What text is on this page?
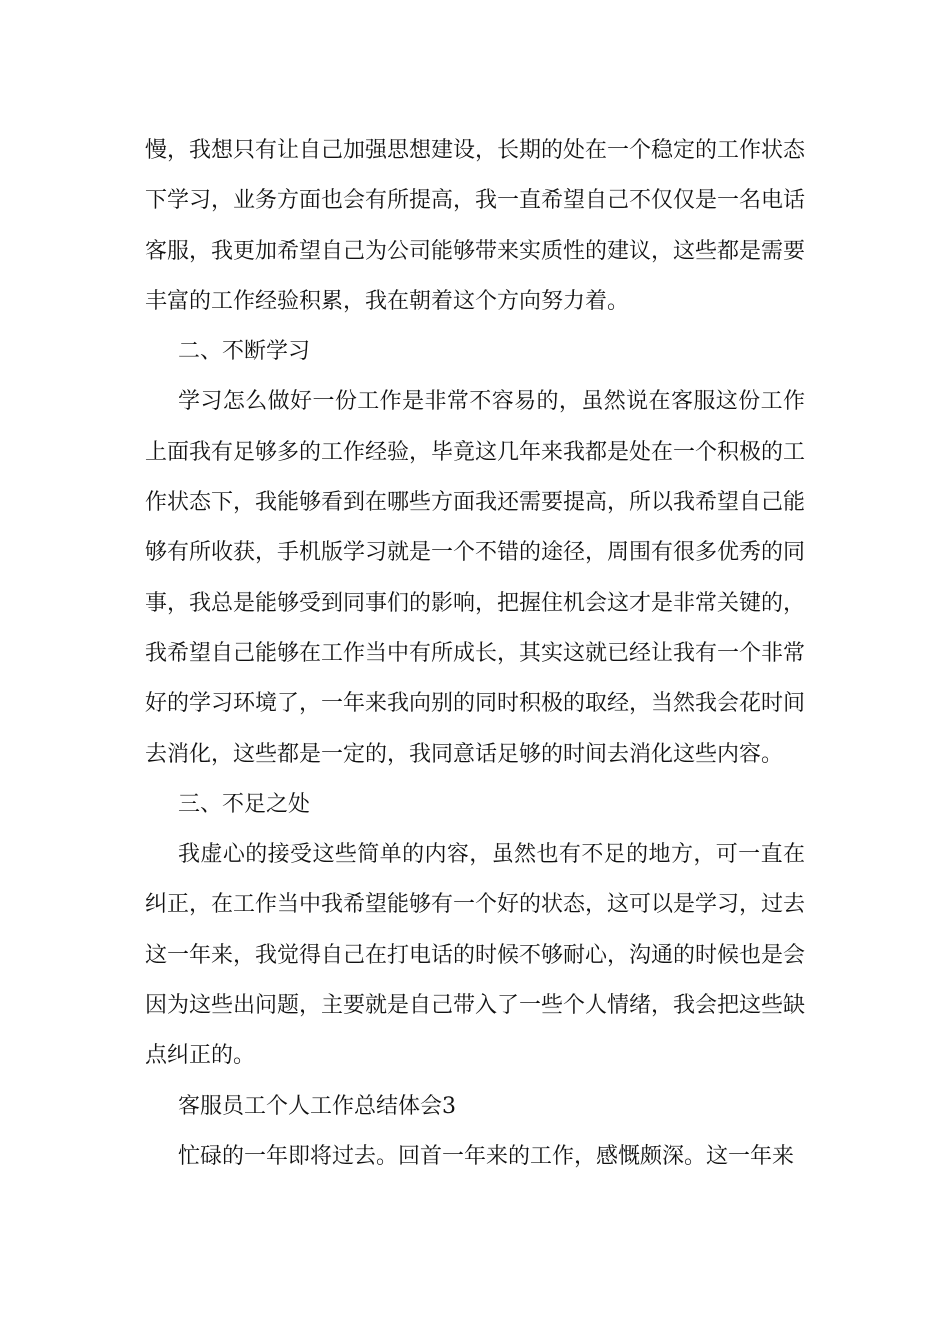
慢，我想只有让自己加强思想建设，长期的处在一个稳定的工作状态下学习，业务方面也会有所提高，我一直希望自己不仅仅是一名电话客服，我更加希望自己为公司能够带来实质性的建议，这些都是需要丰富的工作经验积累，我在朝着这个方向努力着。

二、不断学习

学习怎么做好一份工作是非常不容易的，虽然说在客服这份工作上面我有足够多的工作经验，毕竟这几年来我都是处在一个积极的工作状态下，我能够看到在哪些方面我还需要提高，所以我希望自己能够有所收获，手机版学习就是一个不错的途径，周围有很多优秀的同事，我总是能够受到同事们的影响，把握住机会这才是非常关键的，我希望自己能够在工作当中有所成长，其实这就已经让我有一个非常好的学习环境了，一年来我向别的同时积极的取经，当然我会花时间去消化，这些都是一定的，我同意话足够的时间去消化这些内容。

三、不足之处

我虚心的接受这些简单的内容，虽然也有不足的地方，可一直在纠正，在工作当中我希望能够有一个好的状态，这可以是学习，过去这一年来，我觉得自己在打电话的时候不够耐心，沟通的时候也是会因为这些出问题，主要就是自己带入了一些个人情绪，我会把这些缺点纠正的。

客服员工个人工作总结体会3

忙碌的一年即将过去。回首一年来的工作，感慨颇深。这一年来
